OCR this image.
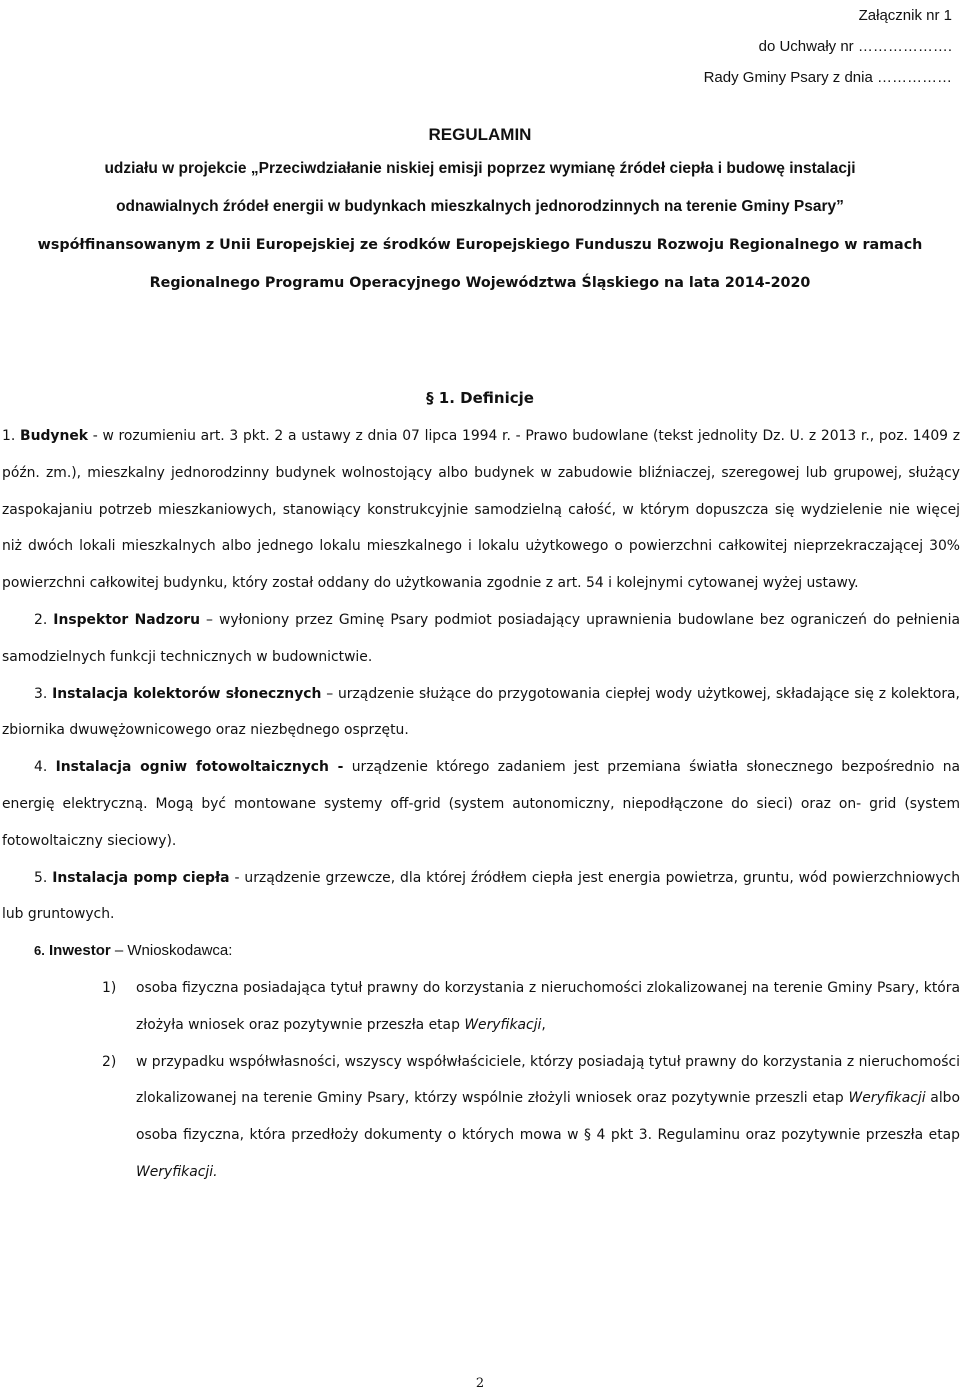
Załącznik nr 1
do Uchwały nr ……………….
Rady Gminy Psary z dnia ……………
REGULAMIN
udziału w projekcie „Przeciwdziałanie niskiej emisji poprzez wymianę źródeł ciepła i budowę instalacji
odnawialnych źródeł energii w budynkach mieszkalnych jednorodzinnych na terenie Gminy Psary”
współfinansowanym z Unii Europejskiej ze środków Europejskiego Funduszu Rozwoju Regionalnego w ramach
Regionalnego Programu Operacyjnego Województwa Śląskiego na lata 2014-2020
§ 1. Definicje

1. Budynek - w rozumieniu art. 3 pkt. 2 a ustawy z dnia 07 lipca 1994 r. - Prawo budowlane (tekst jednolity Dz. U. z 2013 r., poz. 1409 z późn. zm.), mieszkalny jednorodzinny budynek wolnostojący albo budynek w zabudowie bliźniaczej, szeregowej lub grupowej, służący zaspokajaniu potrzeb mieszkaniowych, stanowiący konstrukcyjnie samodzielną całość, w którym dopuszcza się wydzielenie nie więcej niż dwóch lokali mieszkalnych albo jednego lokalu mieszkalnego i lokalu użytkowego o powierzchni całkowitej nieprzekraczającej 30% powierzchni całkowitej budynku, który został oddany do użytkowania zgodnie z art. 54 i kolejnymi cytowanej wyżej ustawy.

2. Inspektor Nadzoru – wyłoniony przez Gminę Psary podmiot posiadający uprawnienia budowlane bez ograniczeń do pełnienia samodzielnych funkcji technicznych w budownictwie.

3. Instalacja kolektorów słonecznych – urządzenie służące do przygotowania ciepłej wody użytkowej, składające się z kolektora, zbiornika dwuwężownicowego oraz niezbędnego osprzętu.

4. Instalacja ogniw fotowoltaicznych - urządzenie którego zadaniem jest przemiana światła słonecznego bezpośrednio na energię elektryczną. Mogą być montowane systemy off-grid (system autonomiczny, niepodłączone do sieci) oraz on- grid (system fotowoltaiczny sieciowy).

5. Instalacja pomp ciepła - urządzenie grzewcze, dla której źródłem ciepła jest energia powietrza, gruntu, wód powierzchniowych lub gruntowych.

6. Inwestor – Wnioskodawca:

1) osoba fizyczna posiadająca tytuł prawny do korzystania z nieruchomości zlokalizowanej na terenie Gminy Psary, która złożyła wniosek oraz pozytywnie przeszła etap Weryfikacji,
2) w przypadku współwłasności, wszyscy współwłaściciele, którzy posiadają tytuł prawny do korzystania z nieruchomości zlokalizowanej na terenie Gminy Psary, którzy wspólnie złożyli wniosek oraz pozytywnie przeszli etap Weryfikacji albo osoba fizyczna, która przedłoży dokumenty o których mowa w § 4 pkt 3. Regulaminu oraz pozytywnie przeszła etap Weryfikacji.
2
